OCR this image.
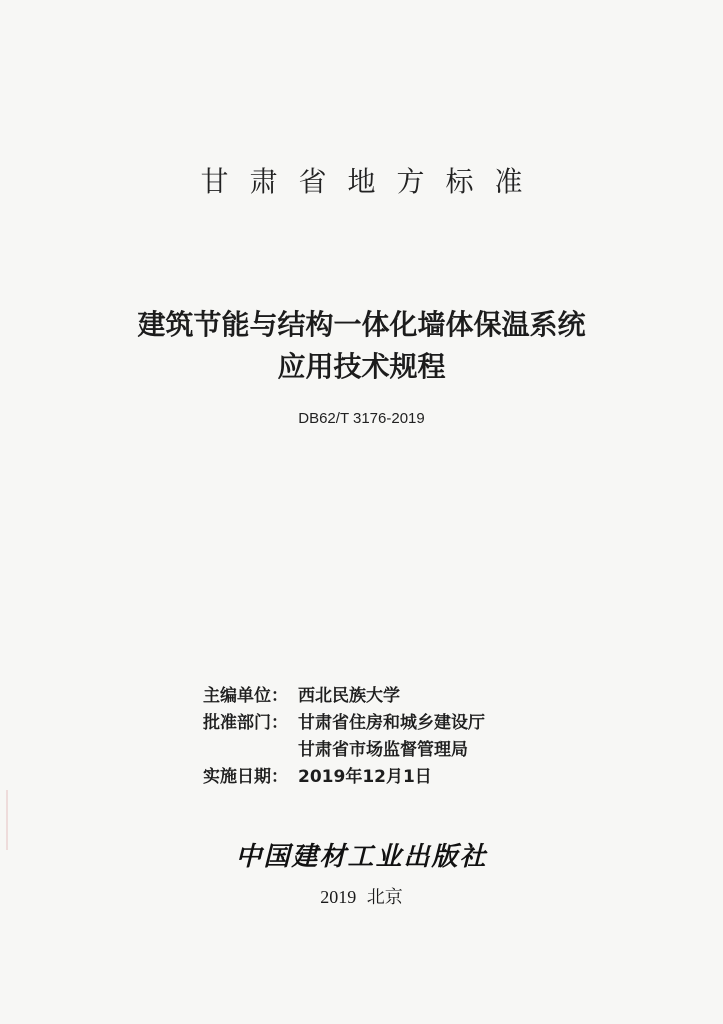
甘肃省地方标准
建筑节能与结构一体化墙体保温系统
应用技术规程
DB62/T 3176-2019
主编单位： 西北民族大学
批准部门： 甘肃省住房和城乡建设厅
甘肃省市场监督管理局
实施日期： 2019年12月1日
中国建材工业出版社
2019 北京
